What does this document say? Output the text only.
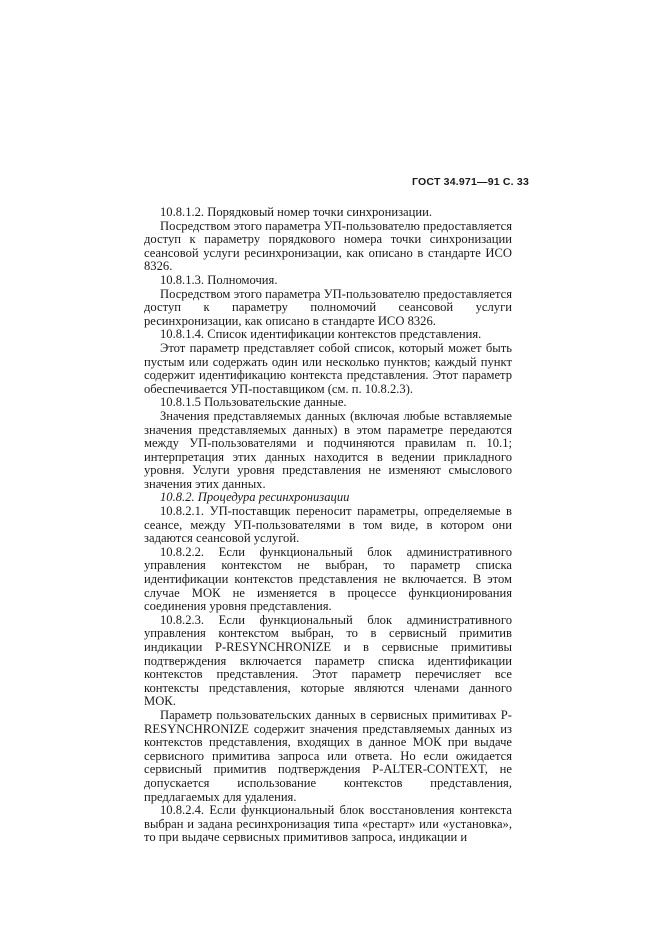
ГОСТ 34.971—91 С. 33

10.8.1.2. Порядковый номер точки синхронизации.

Посредством этого параметра УП-пользователю предоставляется доступ к параметру порядкового номера точки синхронизации сеансовой услуги ресинхронизации, как описано в стандарте ИСО 8326.

10.8.1.3. Полномочия.

Посредством этого параметра УП-пользователю предоставляется доступ к параметру полномочий сеансовой услуги ресинхронизации, как описано в стандарте ИСО 8326.

10.8.1.4. Список идентификации контекстов представления.

Этот параметр представляет собой список, который может быть пустым или содержать один или несколько пунктов; каждый пункт содержит идентификацию контекста представления. Этот параметр обеспечивается УП-поставщиком (см. п. 10.8.2.3).

10.8.1.5 Пользовательские данные.

Значения представляемых данных (включая любые вставляемые значения представляемых данных) в этом параметре передаются между УП-пользователями и подчиняются правилам п. 10.1; интерпретация этих данных находится в ведении прикладного уровня. Услуги уровня представления не изменяют смыслового значения этих данных.

10.8.2. Процедура ресинхронизации

10.8.2.1. УП-поставщик переносит параметры, определяемые в сеансе, между УП-пользователями в том виде, в котором они задаются сеансовой услугой.

10.8.2.2. Если функциональный блок административного управления контекстом не выбран, то параметр списка идентификации контекстов представления не включается. В этом случае МОК не изменяется в процессе функционирования соединения уровня представления.

10.8.2.3. Если функциональный блок административного управления контекстом выбран, то в сервисный примитив индикации P-RESYNCHRONIZE и в сервисные примитивы подтверждения включается параметр списка идентификации контекстов представления. Этот параметр перечисляет все контексты представления, которые являются членами данного МОК.

Параметр пользовательских данных в сервисных примитивах P-RESYNCHRONIZE содержит значения представляемых данных из контекстов представления, входящих в данное МОК при выдаче сервисного примитива запроса или ответа. Но если ожидается сервисный примитив подтверждения P-ALTER-CONTEXT, не допускается использование контекстов представления, предлагаемых для удаления.

10.8.2.4. Если функциональный блок восстановления контекста выбран и задана ресинхронизация типа «рестарт» или «установка», то при выдаче сервисных примитивов запроса, индикации и
